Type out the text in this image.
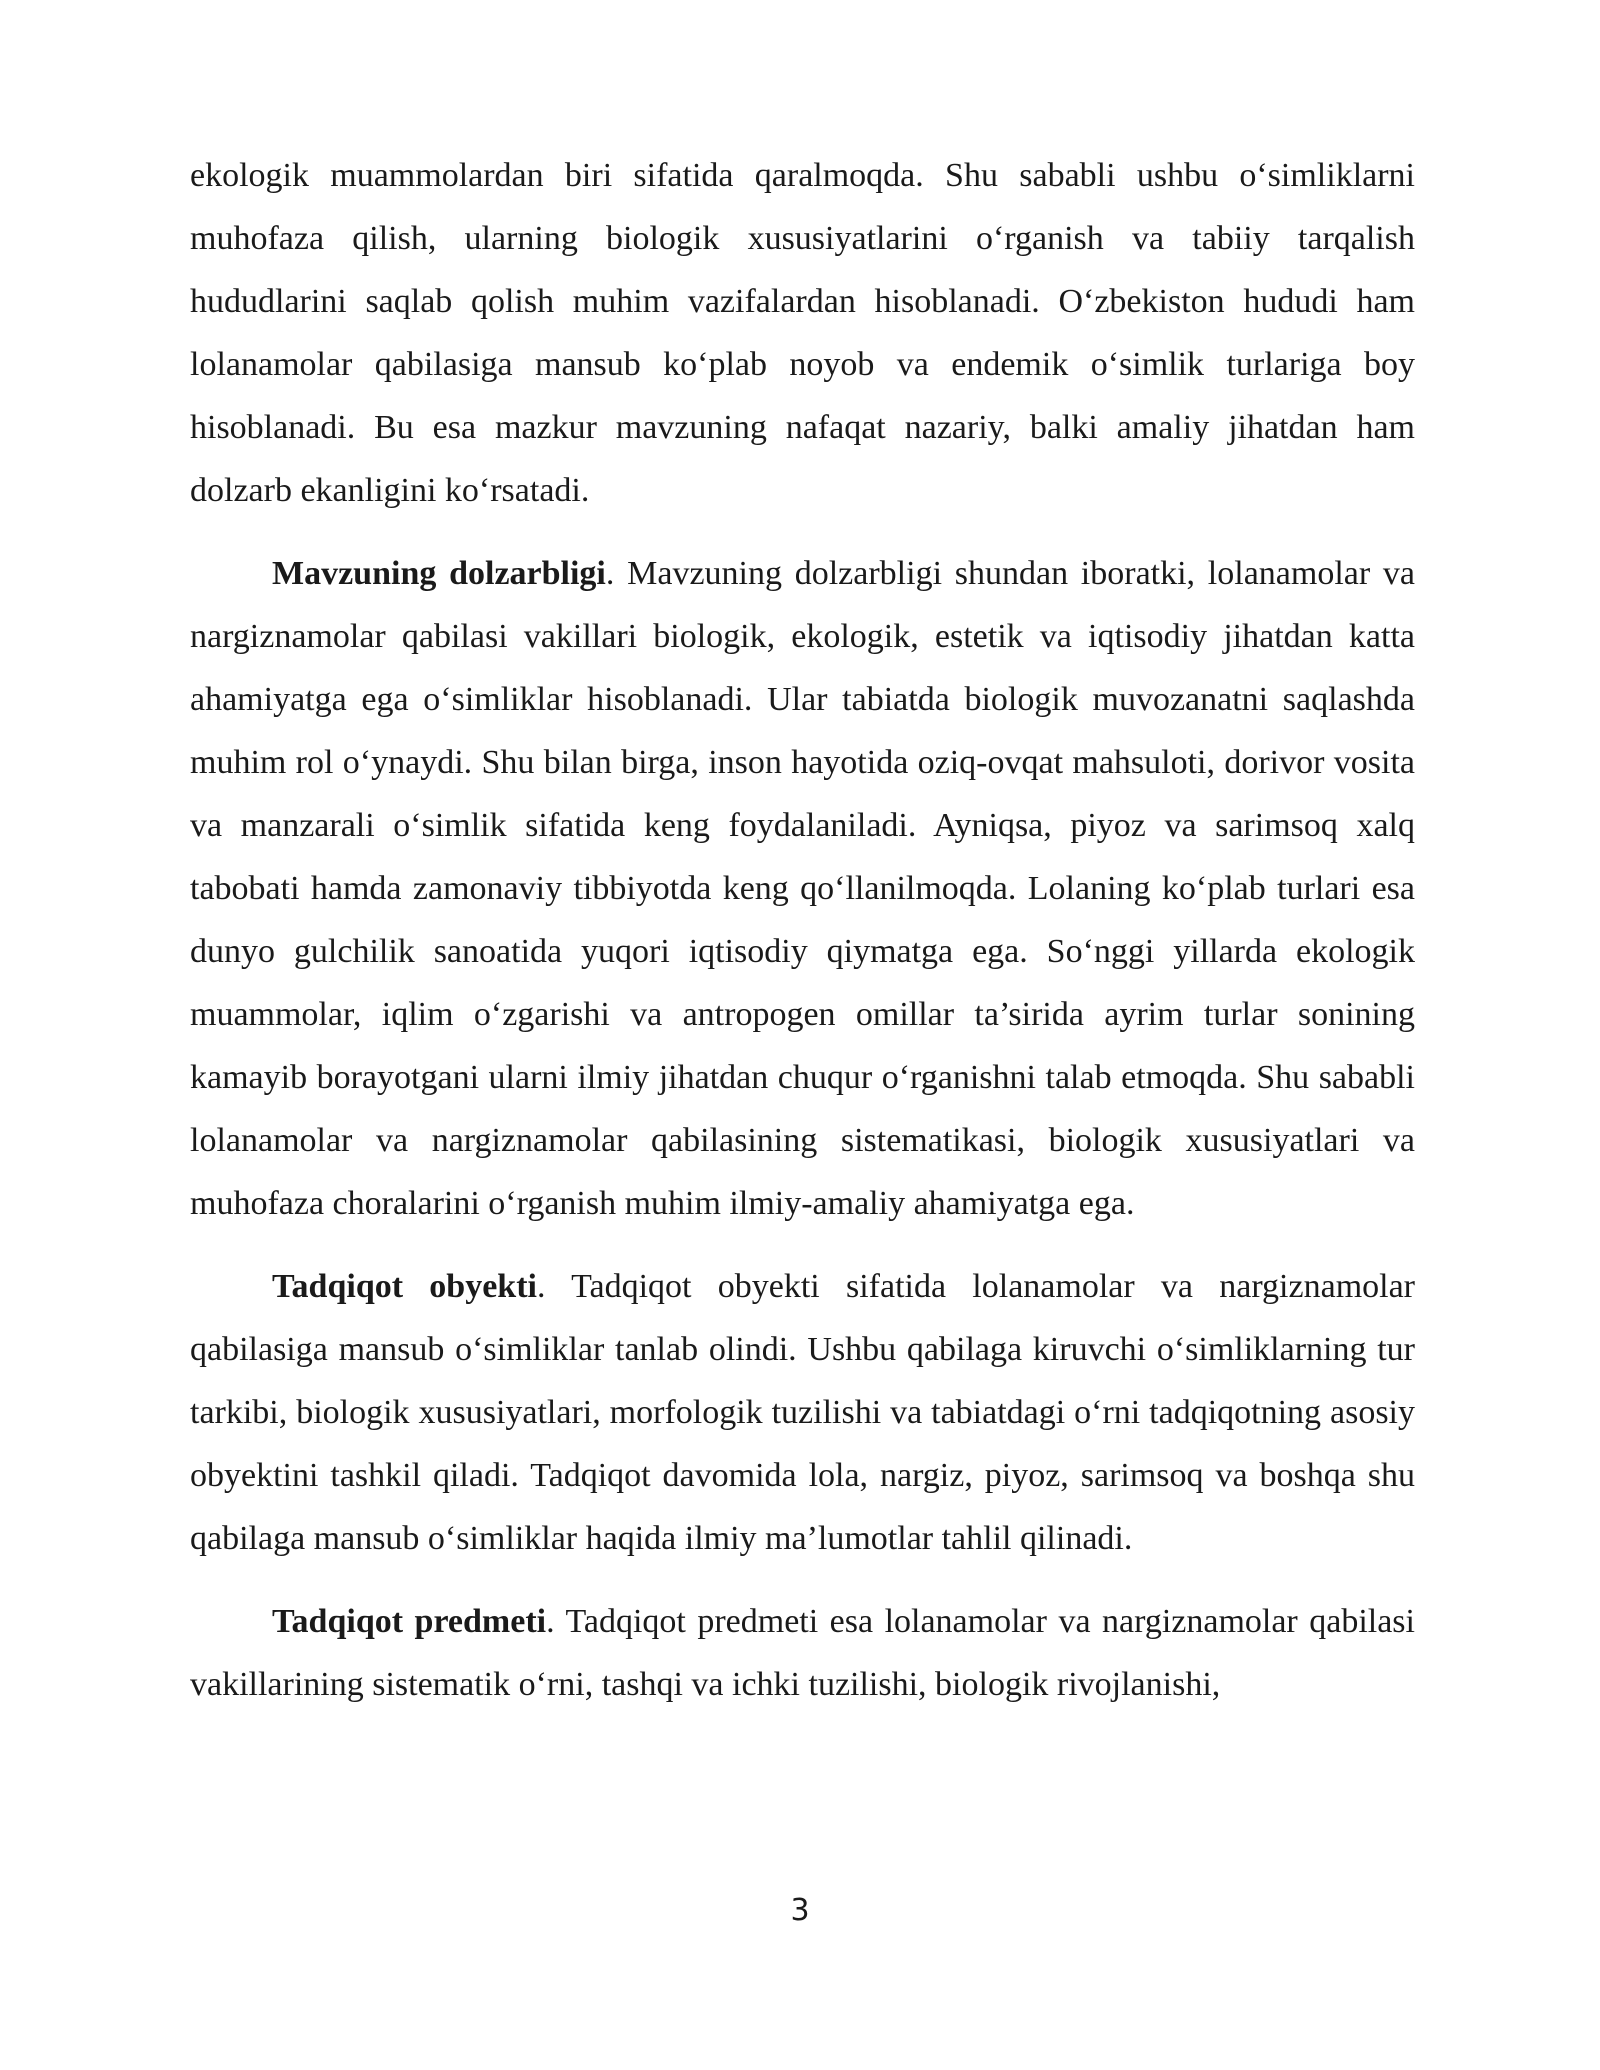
ekologik muammolardan biri sifatida qaralmoqda. Shu sababli ushbu o‘simliklarni muhofaza qilish, ularning biologik xususiyatlarini o‘rganish va tabiiy tarqalish hududlarini saqlab qolish muhim vazifalardan hisoblanadi. O‘zbekiston hududi ham lolanamolar qabilasiga mansub ko‘plab noyob va endemik o‘simlik turlariga boy hisoblanadi. Bu esa mazkur mavzuning nafaqat nazariy, balki amaliy jihatdan ham dolzarb ekanligini ko‘rsatadi.

Mavzuning dolzarbligi. Mavzuning dolzarbligi shundan iboratki, lolanamolar va nargiznamolar qabilasi vakillari biologik, ekologik, estetik va iqtisodiy jihatdan katta ahamiyatga ega o‘simliklar hisoblanadi. Ular tabiatda biologik muvozanatni saqlashda muhim rol o‘ynaydi. Shu bilan birga, inson hayotida oziq-ovqat mahsuloti, dorivor vosita va manzarali o‘simlik sifatida keng foydalaniladi. Ayniqsa, piyoz va sarimsoq xalq tabobati hamda zamonaviy tibbiyotda keng qo‘llanilmoqda. Lolaning ko‘plab turlari esa dunyo gulchilik sanoatida yuqori iqtisodiy qiymatga ega. So‘nggi yillarda ekologik muammolar, iqlim o‘zgarishi va antropogen omillar ta’sirida ayrim turlar sonining kamayib borayotgani ularni ilmiy jihatdan chuqur o‘rganishni talab etmoqda. Shu sababli lolanamolar va nargiznamolar qabilasining sistematikasi, biologik xususiyatlari va muhofaza choralarini o‘rganish muhim ilmiy-amaliy ahamiyatga ega.

Tadqiqot obyekti. Tadqiqot obyekti sifatida lolanamolar va nargiznamolar qabilasiga mansub o‘simliklar tanlab olindi. Ushbu qabilaga kiruvchi o‘simliklarning tur tarkibi, biologik xususiyatlari, morfologik tuzilishi va tabiatdagi o‘rni tadqiqotning asosiy obyektini tashkil qiladi. Tadqiqot davomida lola, nargiz, piyoz, sarimsoq va boshqa shu qabilaga mansub o‘simliklar haqida ilmiy ma’lumotlar tahlil qilinadi.

Tadqiqot predmeti. Tadqiqot predmeti esa lolanamolar va nargiznamolar qabilasi vakillarining sistematik o‘rni, tashqi va ichki tuzilishi, biologik rivojlanishi,

3
